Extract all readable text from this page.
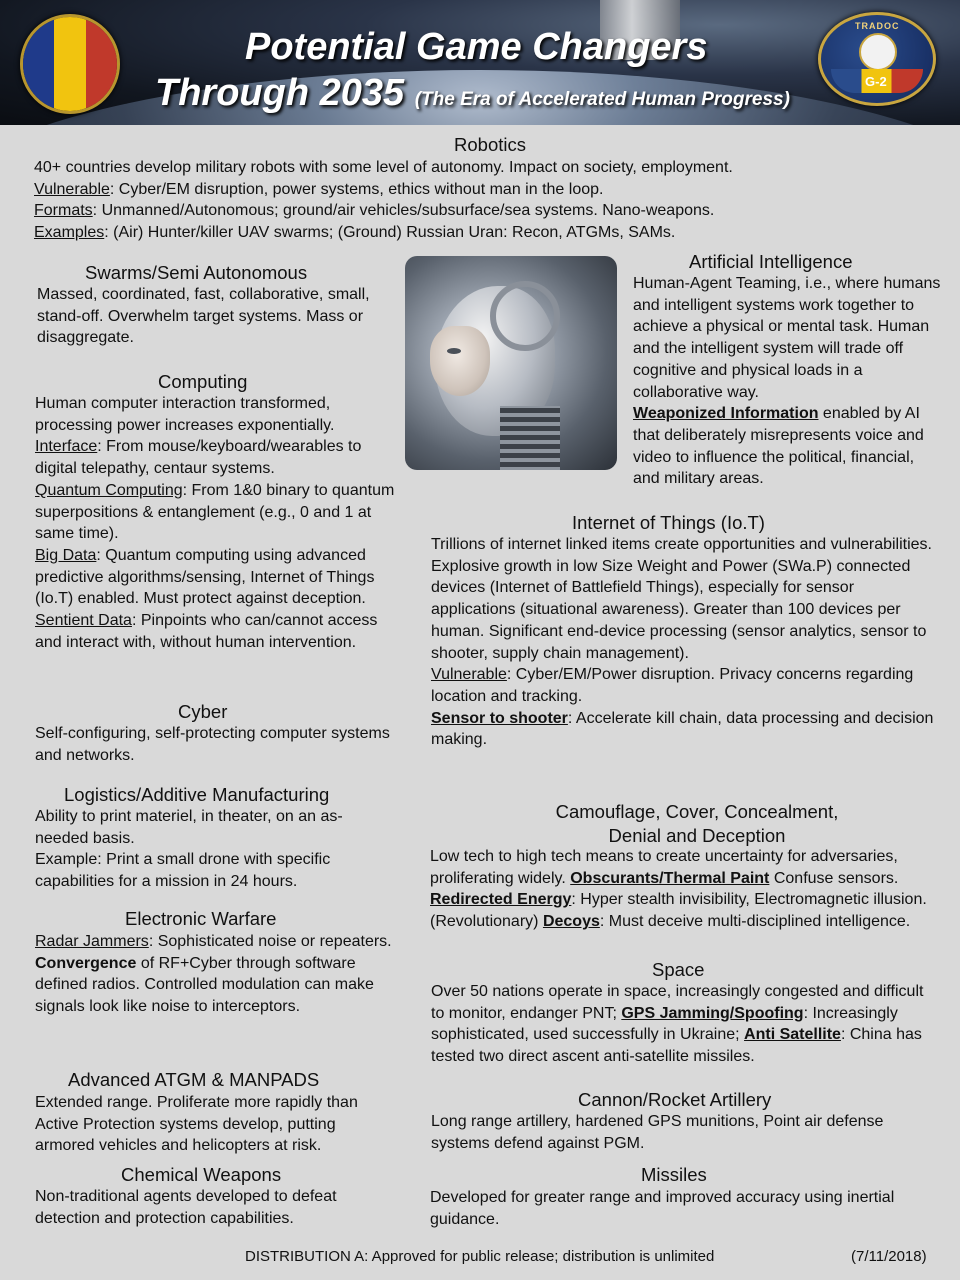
Potential Game Changers
Through 2035 (The Era of Accelerated Human Progress)
TRADOC
G-2
Robotics
40+ countries develop military robots with some level of autonomy. Impact on society, employment.
Vulnerable: Cyber/EM disruption, power systems, ethics without man in the loop.
Formats: Unmanned/Autonomous; ground/air vehicles/subsurface/sea systems. Nano-weapons.
Examples: (Air) Hunter/killer UAV swarms; (Ground) Russian Uran: Recon, ATGMs, SAMs.
Swarms/Semi Autonomous
Massed, coordinated, fast, collaborative, small, stand-off. Overwhelm target systems. Mass or disaggregate.
Computing
Human computer interaction transformed, processing power increases exponentially.
Interface: From mouse/keyboard/wearables to digital telepathy, centaur systems.
Quantum Computing: From 1&0 binary to quantum superpositions & entanglement (e.g., 0 and 1 at same time).
Big Data: Quantum computing using advanced predictive algorithms/sensing, Internet of Things (Io.T) enabled. Must protect against deception.
Sentient Data: Pinpoints who can/cannot access and interact with, without human intervention.
Cyber
Self-configuring, self-protecting computer systems and networks.
Logistics/Additive Manufacturing
Ability to print materiel, in theater, on an as-needed basis.
Example: Print a small drone with specific capabilities for a mission in 24 hours.
Electronic Warfare
Radar Jammers: Sophisticated noise or repeaters.
Convergence of RF+Cyber through software defined radios. Controlled modulation can make signals look like noise to interceptors.
Advanced ATGM & MANPADS
Extended range. Proliferate more rapidly than Active Protection systems develop, putting armored vehicles and helicopters at risk.
Chemical Weapons
Non-traditional agents developed to defeat detection and protection capabilities.
Artificial Intelligence
Human-Agent Teaming, i.e., where humans and intelligent systems work together to achieve a physical or mental task. Human and the intelligent system will trade off cognitive and physical loads in a collaborative way.
Weaponized Information enabled by AI that deliberately misrepresents voice and video to influence the political, financial, and military areas.
Internet of Things (Io.T)
Trillions of internet linked items create opportunities and vulnerabilities.
Explosive growth in low Size Weight and Power (SWa.P) connected devices (Internet of Battlefield Things), especially for sensor applications (situational awareness). Greater than 100 devices per human. Significant end-device processing (sensor analytics, sensor to shooter, supply chain management).
Vulnerable: Cyber/EM/Power disruption. Privacy concerns regarding location and tracking.
Sensor to shooter: Accelerate kill chain, data processing and decision making.
Camouflage, Cover, Concealment,
Denial and Deception
Low tech to high tech means to create uncertainty for adversaries, proliferating widely. Obscurants/Thermal Paint Confuse sensors. Redirected Energy: Hyper stealth invisibility, Electromagnetic illusion. (Revolutionary) Decoys: Must deceive multi-disciplined intelligence.
Space
Over 50 nations operate in space, increasingly congested and difficult to monitor, endanger PNT; GPS Jamming/Spoofing: Increasingly sophisticated, used successfully in Ukraine; Anti Satellite: China has tested two direct ascent anti-satellite missiles.
Cannon/Rocket Artillery
Long range artillery, hardened GPS munitions, Point air defense systems defend against PGM.
Missiles
Developed for greater range and improved accuracy using inertial guidance.
DISTRIBUTION A: Approved for public release; distribution is unlimited	(7/11/2018)
